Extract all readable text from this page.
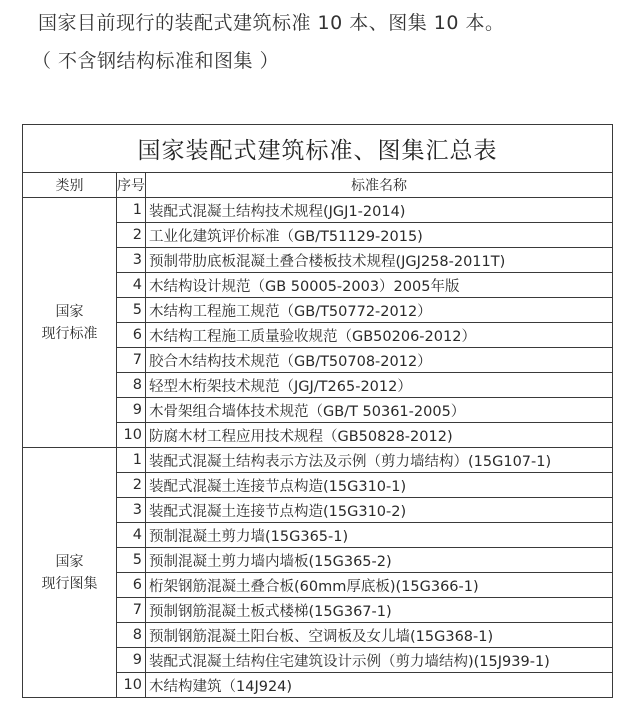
国家目前现行的装配式建筑标准 10 本、图集 10 本。
（ 不含钢结构标准和图集 ）
国家装配式建筑标准、图集汇总表		
类别	序号	标准名称

国家
现行标准	1	装配式混凝土结构技术规程(JGJ1-2014)
	2	工业化建筑评价标准（GB/T51129-2015)
	3	预制带肋底板混凝土叠合楼板技术规程(JGJ258-2011T)
	4	木结构设计规范（GB 50005-2003）2005年版
	5	木结构工程施工规范（GB/T50772-2012）
	6	木结构工程施工质量验收规范（GB50206-2012）
	7	胶合木结构技术规范（GB/T50708-2012）
	8	轻型木桁架技术规范（JGJ/T265-2012）
	9	木骨架组合墙体技术规范（GB/T 50361-2005）
	10	防腐木材工程应用技术规程（GB50828-2012)

国家
现行图集	1	装配式混凝土结构表示方法及示例（剪力墙结构）(15G107-1)
	2	装配式混凝土连接节点构造(15G310-1)
	3	装配式混凝土连接节点构造(15G310-2)
	4	预制混凝土剪力墙(15G365-1)
	5	预制混凝土剪力墙内墙板(15G365-2)
	6	桁架钢筋混凝土叠合板(60mm厚底板)(15G366-1)
	7	预制钢筋混凝土板式楼梯(15G367-1)
	8	预制钢筋混凝土阳台板、空调板及女儿墙(15G368-1)
	9	装配式混凝土结构住宅建筑设计示例（剪力墙结构)(15J939-1)
	10	木结构建筑（14J924)
